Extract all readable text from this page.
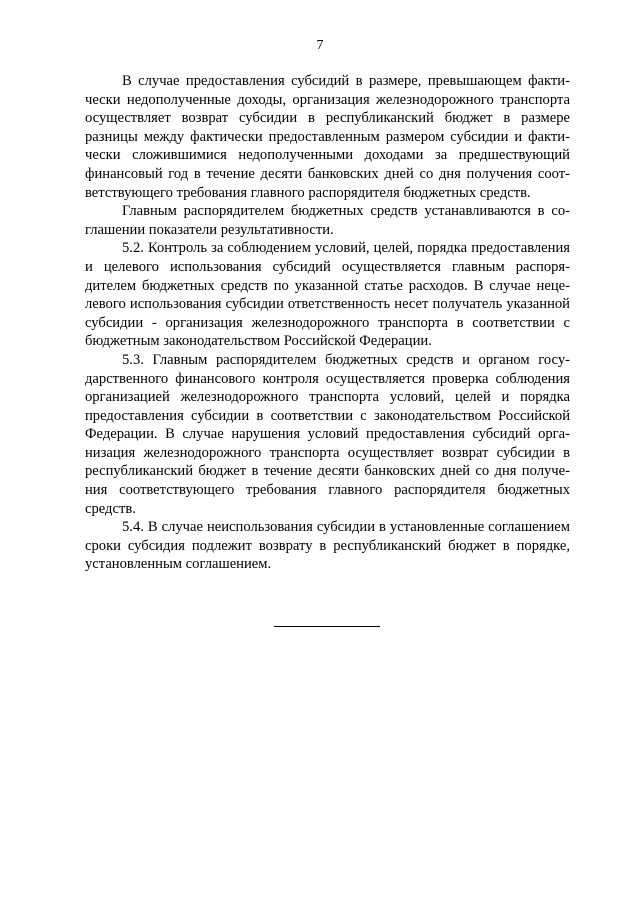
7

В случае предоставления субсидий в размере, превышающем фактически недополученные доходы, организация железнодорожного транспорта осуществляет возврат субсидии в республиканский бюджет в размере разницы между фактически предоставленным размером субсидии и фактически сложившимися недополученными доходами за предшествующий финансовый год в течение десяти банковских дней со дня получения соответствующего требования главного распорядителя бюджетных средств.

Главным распорядителем бюджетных средств устанавливаются в соглашении показатели результативности.

5.2. Контроль за соблюдением условий, целей, порядка предоставления и целевого использования субсидий осуществляется главным распорядителем бюджетных средств по указанной статье расходов. В случае нецелевого использования субсидии ответственность несет получатель указанной субсидии - организация железнодорожного транспорта в соответствии с бюджетным законодательством Российской Федерации.

5.3. Главным распорядителем бюджетных средств и органом государственного финансового контроля осуществляется проверка соблюдения организацией железнодорожного транспорта условий, целей и порядка предоставления субсидии в соответствии с законодательством Российской Федерации. В случае нарушения условий предоставления субсидий организация железнодорожного транспорта осуществляет возврат субсидии в республиканский бюджет в течение десяти банковских дней со дня получения соответствующего требования главного распорядителя бюджетных средств.

5.4. В случае неиспользования субсидии в установленные соглашением сроки субсидия подлежит возврату в республиканский бюджет в порядке, установленным соглашением.
